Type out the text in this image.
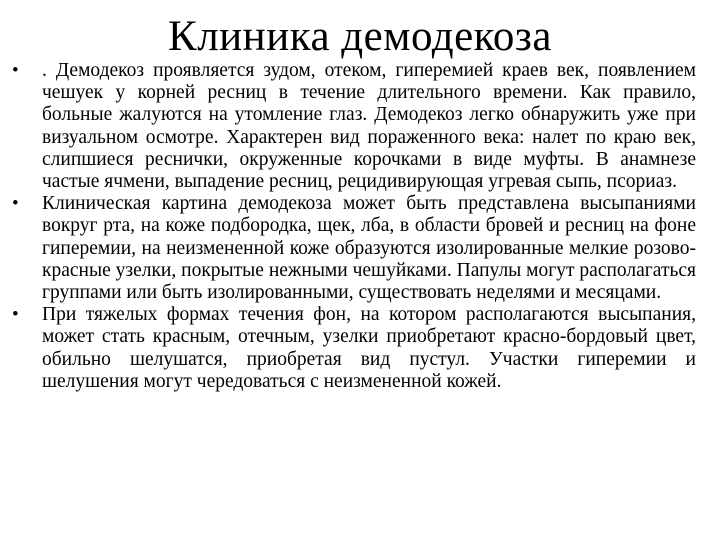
Клиника демодекоза
•	. Демодекоз проявляется зудом, отеком, гиперемией краев век, появлением чешуек у корней ресниц в течение длительного времени. Как правило, больные жалуются на утомление глаз. Демодекоз легко обнаружить уже при визуальном осмотре. Характерен вид пораженного века: налет по краю век, слипшиеся реснички, окруженные корочками в виде муфты. В анамнезе частые ячмени, выпадение ресниц, рецидивирующая угревая сыпь, псориаз.
•	Клиническая картина демодекоза может быть представлена высыпаниями вокруг рта, на коже подбородка, щек, лба, в области бровей и ресниц на фоне гиперемии, на неизмененной коже образуются изолированные мелкие розово-красные узелки, покрытые нежными чешуйками. Папулы могут располагаться группами или быть изолированными, существовать неделями и месяцами.
•	При тяжелых формах течения фон, на котором располагаются высыпания, может стать красным, отечным, узелки приобретают красно-бордовый цвет, обильно шелушатся, приобретая вид пустул. Участки гиперемии и шелушения могут чередоваться с неизмененной кожей.
